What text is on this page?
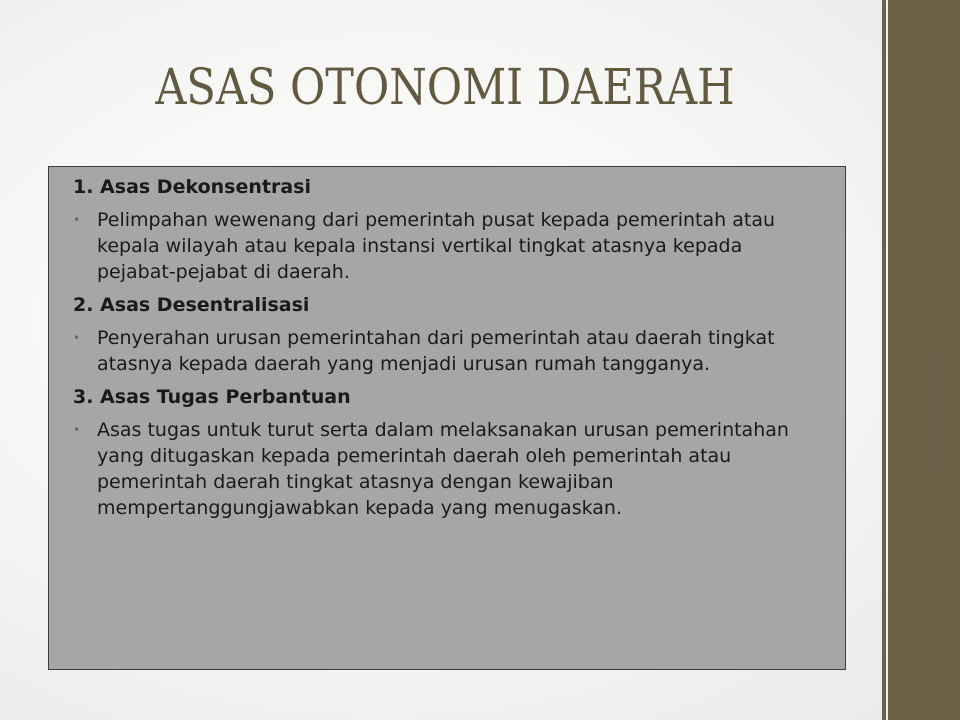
By: @arifwicaksono92
ASAS OTONOMI DAERAH

1. Asas Dekonsentrasi

• Pelimpahan wewenang dari pemerintah pusat kepada pemerintah atau kepala wilayah atau kepala instansi vertikal tingkat atasnya kepada pejabat-pejabat di daerah.

2. Asas Desentralisasi

• Penyerahan urusan pemerintahan dari pemerintah atau daerah tingkat atasnya kepada daerah yang menjadi urusan rumah tangganya.

3. Asas Tugas Perbantuan

• Asas tugas untuk turut serta dalam melaksanakan urusan pemerintahan yang ditugaskan kepada pemerintah daerah oleh pemerintah atau pemerintah daerah tingkat atasnya dengan kewajiban mempertanggungjawabkan kepada yang menugaskan.
